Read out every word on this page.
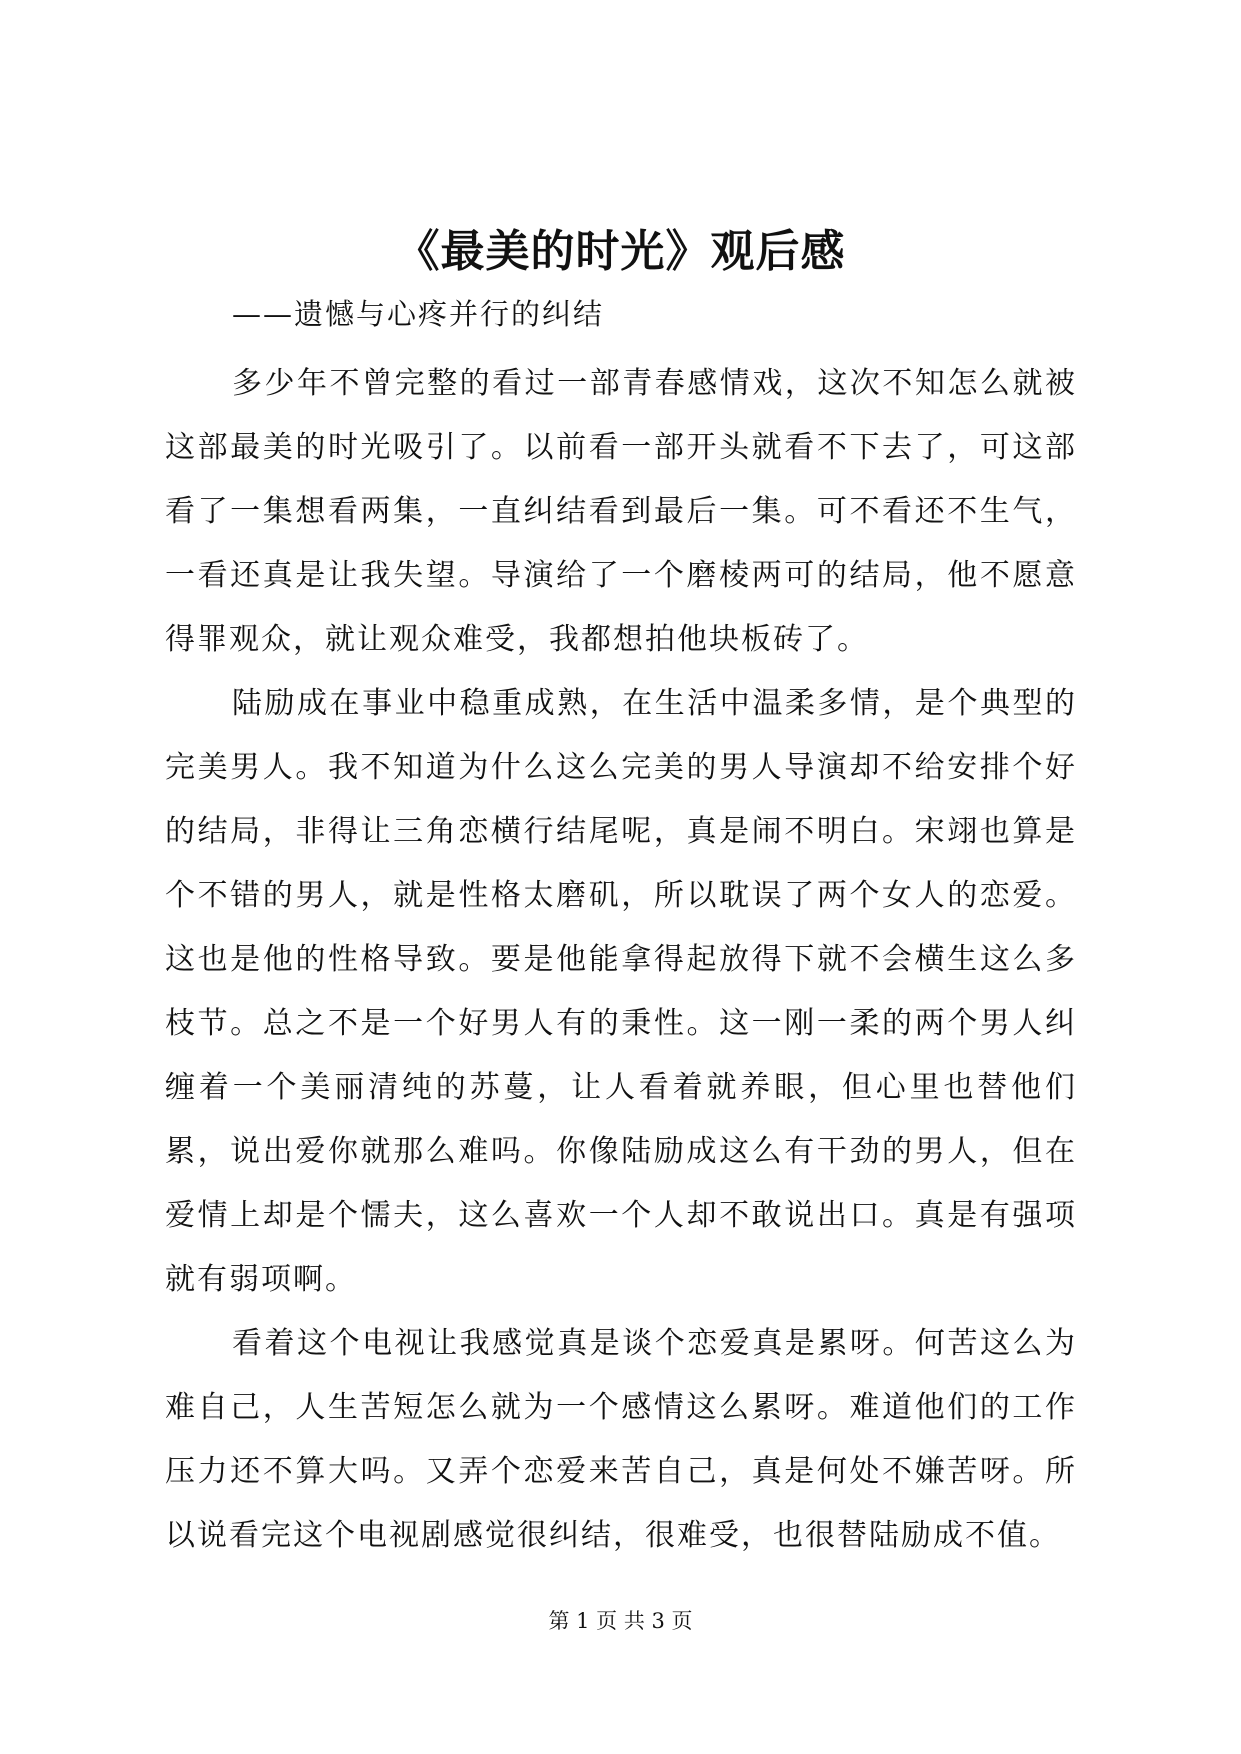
《最美的时光》观后感
——遗憾与心疼并行的纠结

多少年不曾完整的看过一部青春感情戏，这次不知怎么就被这部最美的时光吸引了。以前看一部开头就看不下去了，可这部看了一集想看两集，一直纠结看到最后一集。可不看还不生气，一看还真是让我失望。导演给了一个磨棱两可的结局，他不愿意得罪观众，就让观众难受，我都想拍他块板砖了。

陆励成在事业中稳重成熟，在生活中温柔多情，是个典型的完美男人。我不知道为什么这么完美的男人导演却不给安排个好的结局，非得让三角恋横行结尾呢，真是闹不明白。宋翊也算是个不错的男人，就是性格太磨矶，所以耽误了两个女人的恋爱。这也是他的性格导致。要是他能拿得起放得下就不会横生这么多枝节。总之不是一个好男人有的秉性。这一刚一柔的两个男人纠缠着一个美丽清纯的苏蔓，让人看着就养眼，但心里也替他们累，说出爱你就那么难吗。你像陆励成这么有干劲的男人，但在爱情上却是个懦夫，这么喜欢一个人却不敢说出口。真是有强项就有弱项啊。

看着这个电视让我感觉真是谈个恋爱真是累呀。何苦这么为难自己，人生苦短怎么就为一个感情这么累呀。难道他们的工作压力还不算大吗。又弄个恋爱来苦自己，真是何处不嫌苦呀。所以说看完这个电视剧感觉很纠结，很难受，也很替陆励成不值。

第 1 页 共 3 页
